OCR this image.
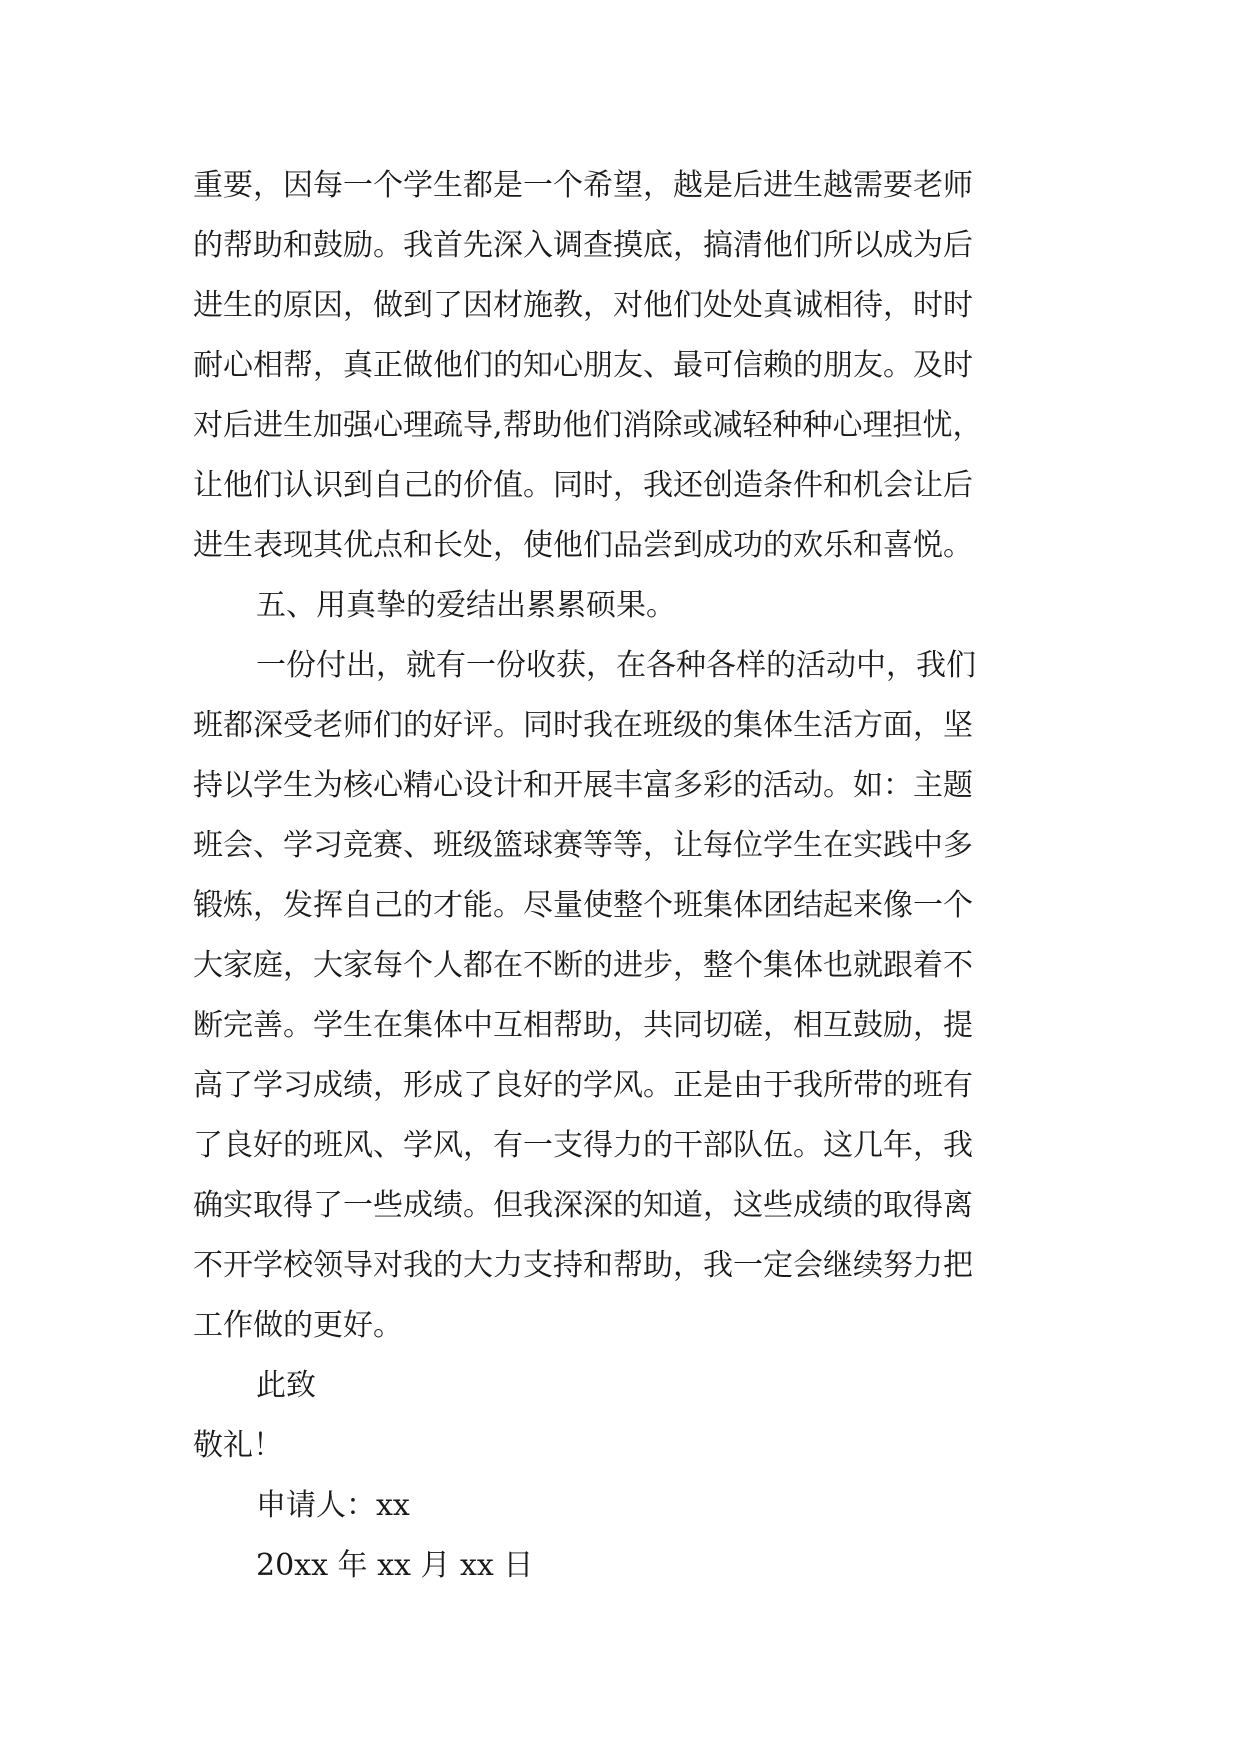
重要，因每一个学生都是一个希望，越是后进生越需要老师
的帮助和鼓励。我首先深入调查摸底，搞清他们所以成为后
进生的原因，做到了因材施教，对他们处处真诚相待，时时
耐心相帮，真正做他们的知心朋友、最可信赖的朋友。及时
对后进生加强心理疏导,帮助他们消除或减轻种种心理担忧，
让他们认识到自己的价值。同时，我还创造条件和机会让后
进生表现其优点和长处，使他们品尝到成功的欢乐和喜悦。
五、用真挚的爱结出累累硕果。
一份付出，就有一份收获，在各种各样的活动中，我们
班都深受老师们的好评。同时我在班级的集体生活方面，坚
持以学生为核心精心设计和开展丰富多彩的活动。如：主题
班会、学习竞赛、班级篮球赛等等，让每位学生在实践中多
锻炼，发挥自己的才能。尽量使整个班集体团结起来像一个
大家庭，大家每个人都在不断的进步，整个集体也就跟着不
断完善。学生在集体中互相帮助，共同切磋，相互鼓励，提
高了学习成绩，形成了良好的学风。正是由于我所带的班有
了良好的班风、学风，有一支得力的干部队伍。这几年，我
确实取得了一些成绩。但我深深的知道，这些成绩的取得离
不开学校领导对我的大力支持和帮助，我一定会继续努力把
工作做的更好。
此致
敬礼！
申请人：xx
20xx 年 xx 月 xx 日
